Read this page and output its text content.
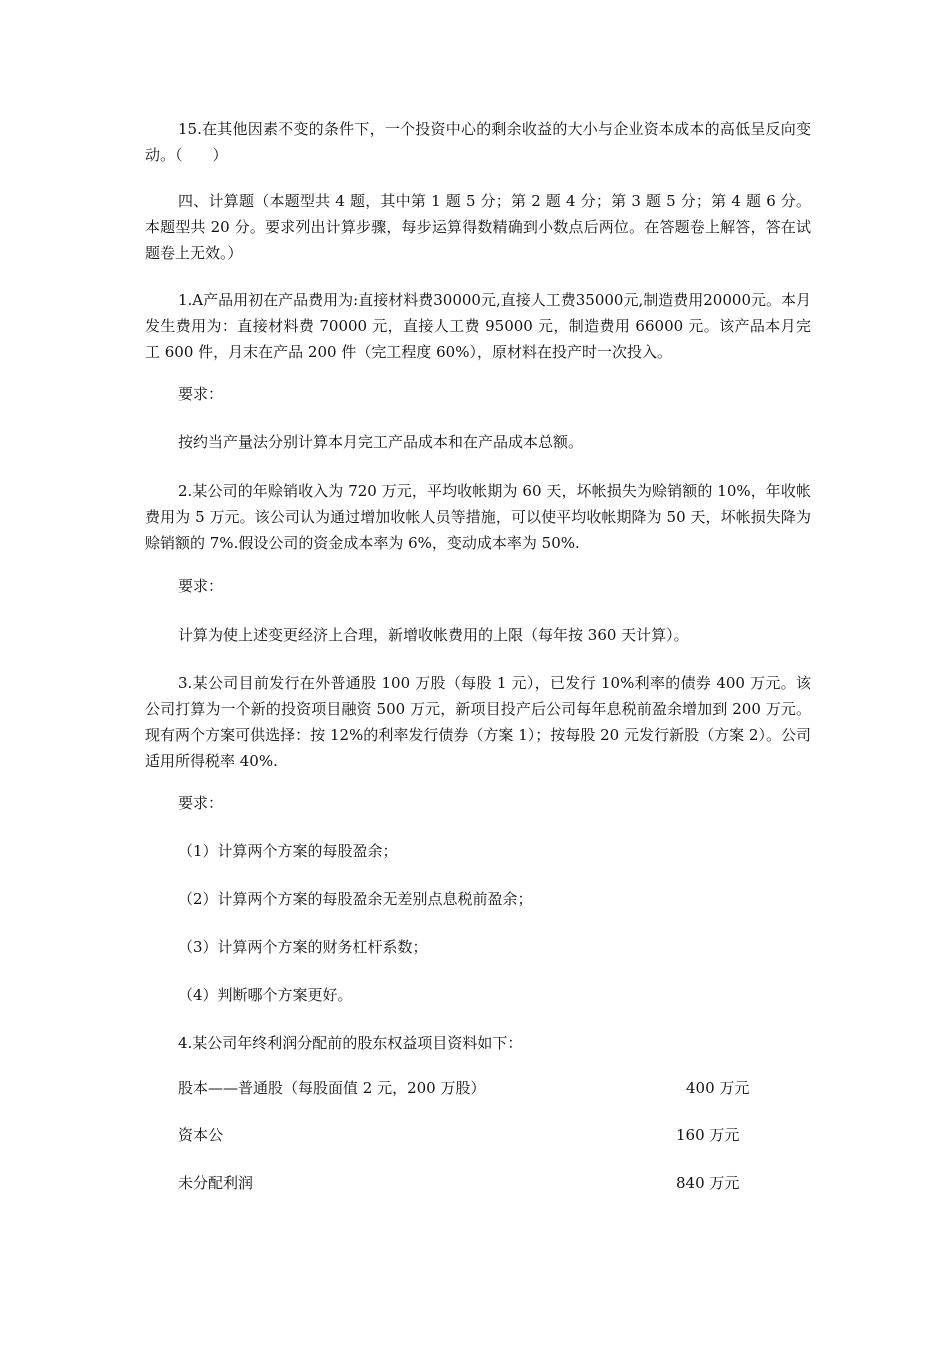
15.在其他因素不变的条件下，一个投资中心的剩余收益的大小与企业资本成本的高低呈反向变动。（　　）

四、计算题（本题型共 4 题，其中第 1 题 5 分；第 2 题 4 分；第 3 题 5 分；第 4 题 6 分。本题型共 20 分。要求列出计算步骤，每步运算得数精确到小数点后两位。在答题卷上解答，答在试题卷上无效。）

1.A产品用初在产品费用为:直接材料费30000元,直接人工费35000元,制造费用20000元。本月发生费用为：直接材料费 70000 元，直接人工费 95000 元，制造费用 66000 元。该产品本月完工 600 件，月末在产品 200 件（完工程度 60%），原材料在投产时一次投入。

要求：

按约当产量法分别计算本月完工产品成本和在产品成本总额。

2.某公司的年赊销收入为 720 万元，平均收帐期为 60 天，坏帐损失为赊销额的 10%，年收帐费用为 5 万元。该公司认为通过增加收帐人员等措施，可以使平均收帐期降为 50 天，坏帐损失降为赊销额的 7%.假设公司的资金成本率为 6%，变动成本率为 50%.

要求：

计算为使上述变更经济上合理，新增收帐费用的上限（每年按 360 天计算）。

3.某公司目前发行在外普通股 100 万股（每股 1 元），已发行 10%利率的债券 400 万元。该公司打算为一个新的投资项目融资 500 万元，新项目投产后公司每年息税前盈余增加到 200 万元。现有两个方案可供选择：按 12%的利率发行债券（方案 1）；按每股 20 元发行新股（方案 2）。公司适用所得税率 40%.

要求：

（1）计算两个方案的每股盈余；

（2）计算两个方案的每股盈余无差别点息税前盈余；

（3）计算两个方案的财务杠杆系数；

（4）判断哪个方案更好。

4.某公司年终利润分配前的股东权益项目资料如下：

股本——普通股（每股面值 2 元，200 万股）	400 万元

资本公	160 万元

未分配利润	840 万元
